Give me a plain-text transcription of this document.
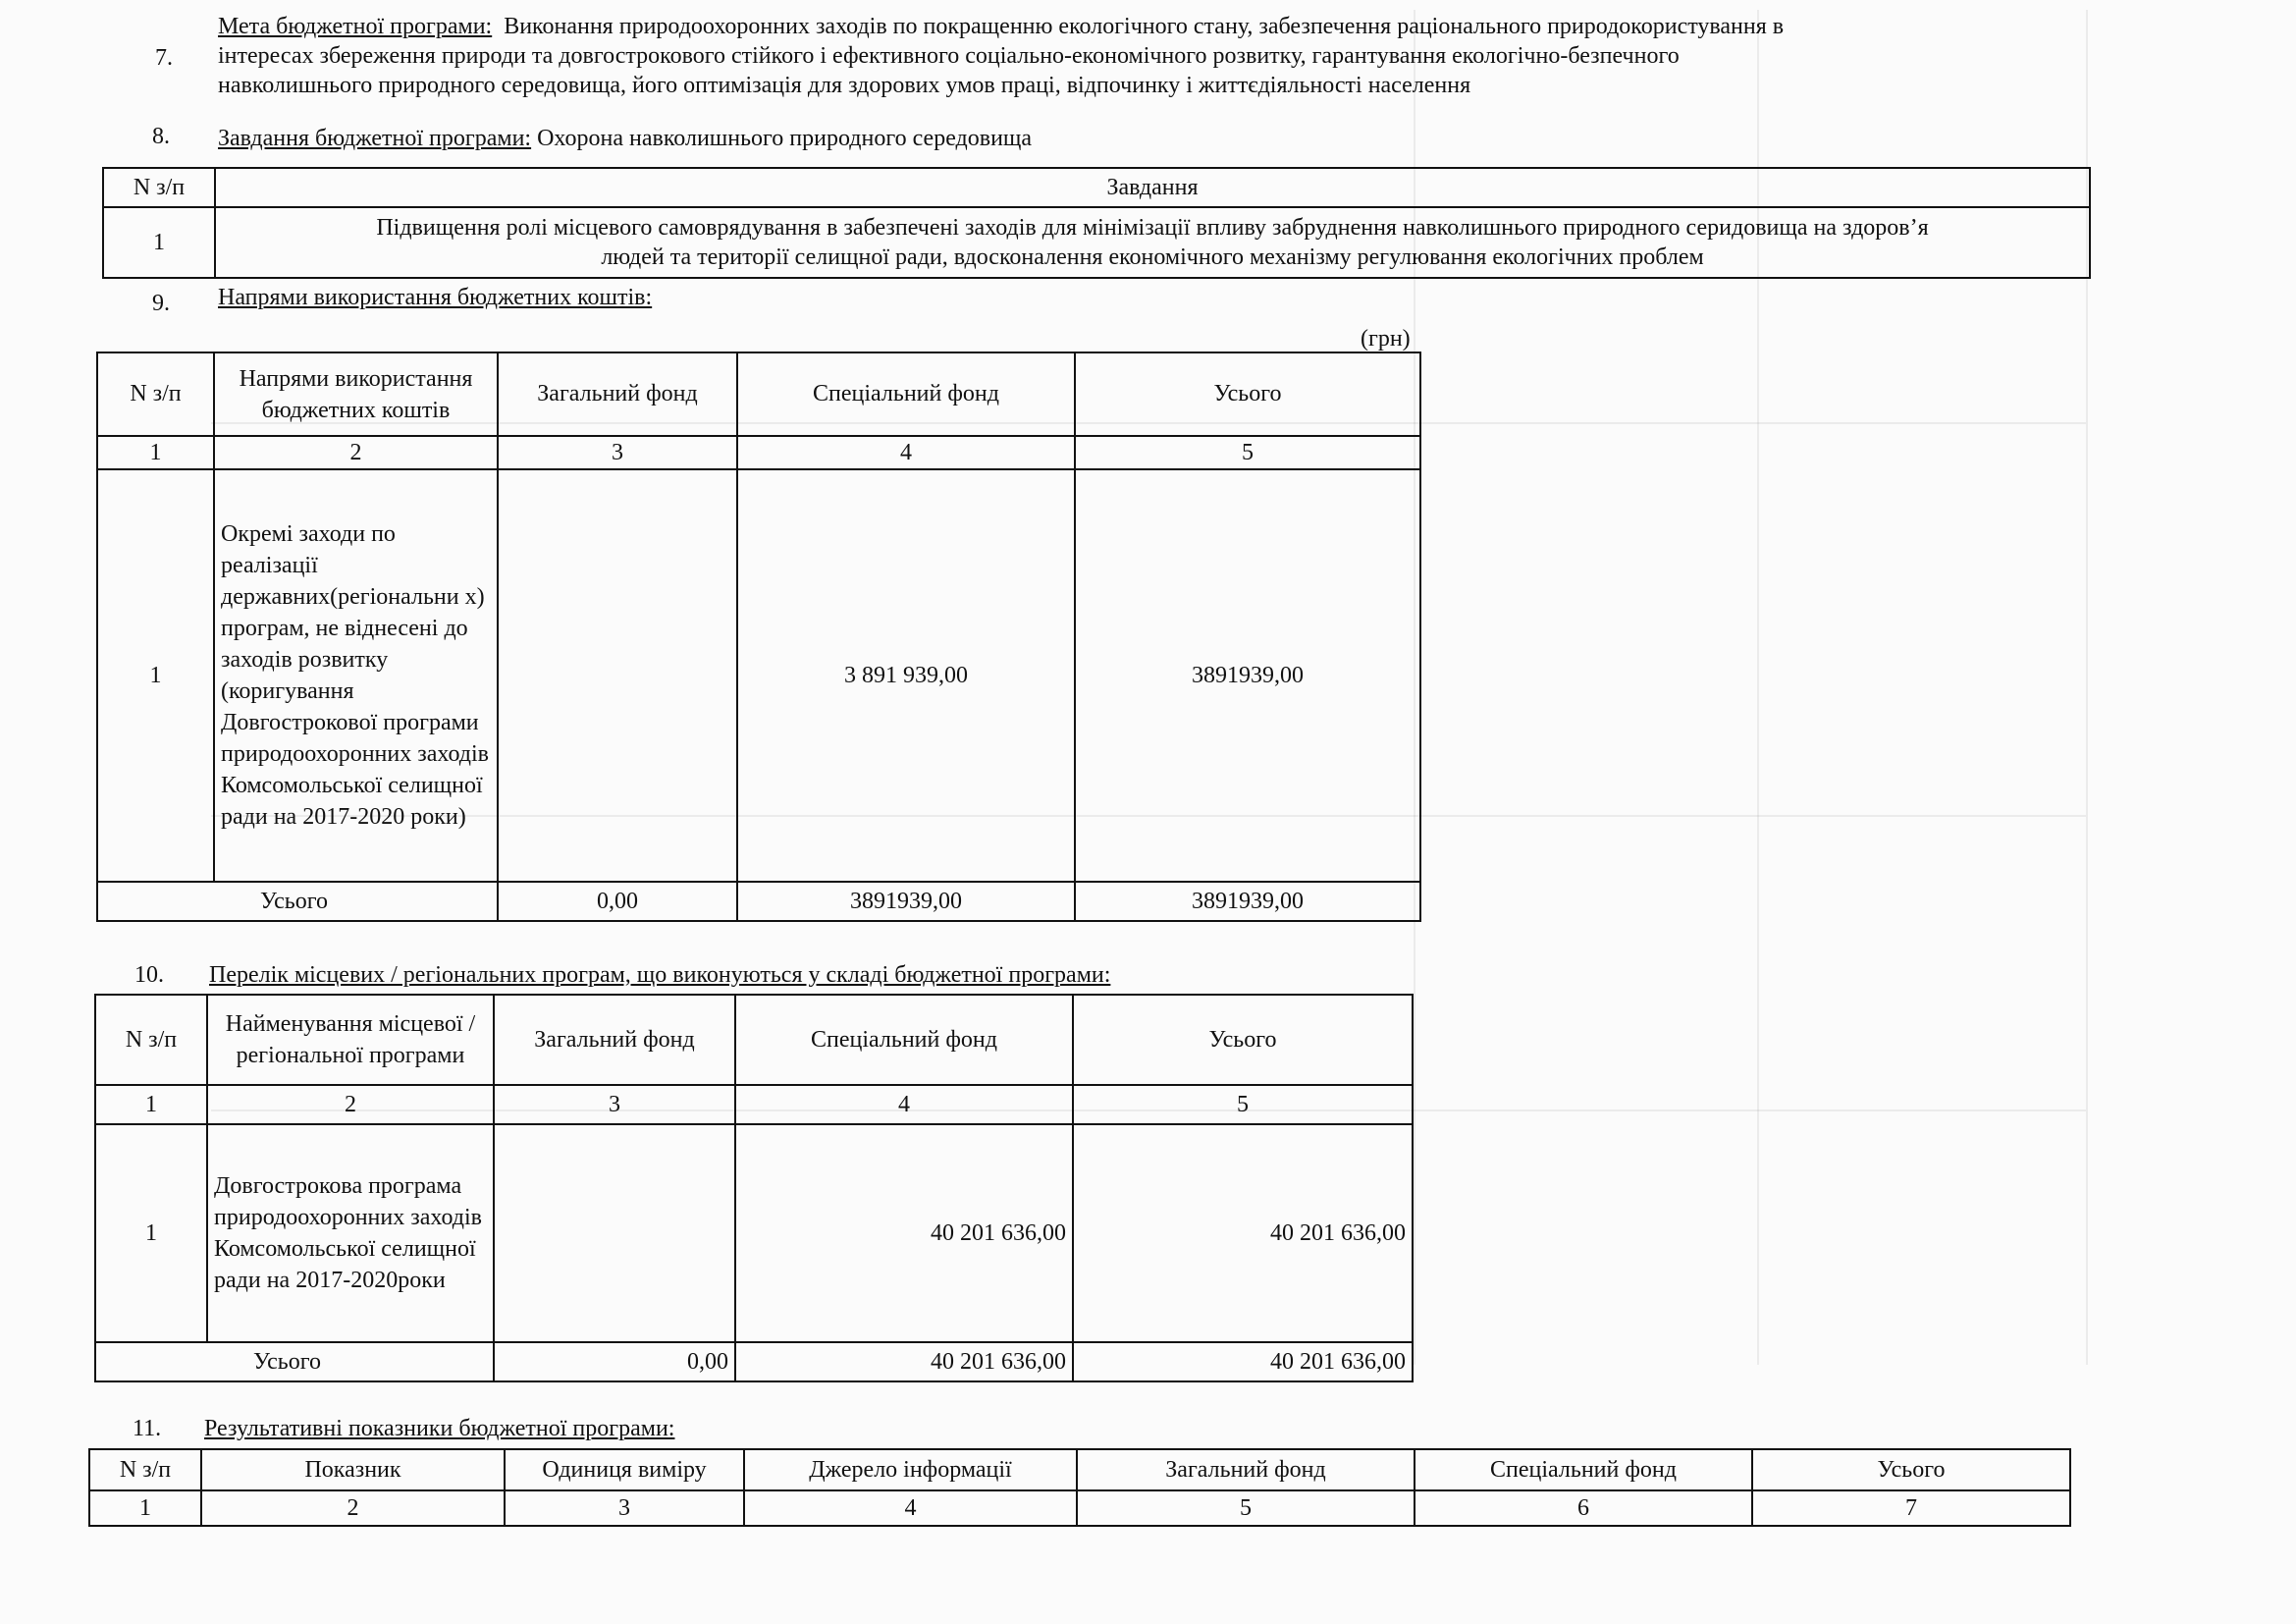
7.
Мета бюджетної програми: Виконання природоохоронних заходів по покращенню екологічного стану, забезпечення раціонального природокористування в
інтересах збереження природи та довгострокового стійкого і ефективного соціально-економічного розвитку, гарантування екологічно-безпечного
навколишнього природного середовища, його оптимізація для здорових умов праці, відпочинку і життєдіяльності населення
8. Завдання бюджетної програми: Охорона навколишнього природного середовища
N з/п	Завдання
1	Підвищення ролі місцевого самоврядування в забезпечені заходів для мінімізації впливу забруднення навколишнього природного серидовища на здоров’я
людей та території селищної ради, вдосконалення економічного механізму регулювання екологічних проблем
9. Напрями використання бюджетних коштів:
(грн)
N з/п	Напрями використання бюджетних коштів	Загальний фонд	Спеціальний фонд	Усього
1	2	3	4	5
1	Окремі заходи по реалізації державних(регіональни х) програм, не віднесені до заходів розвитку (коригування Довгострокової програми природоохоронних заходів Комсомольської селищної ради на 2017-2020 роки)		3 891 939,00	3891939,00
Усього		0,00	3891939,00	3891939,00
10. Перелік місцевих / регіональних програм, що виконуються у складі бюджетної програми:
N з/п	Найменування місцевої / регіональної програми	Загальний фонд	Спеціальний фонд	Усього
1	2	3	4	5
1	Довгострокова програма природоохоронних заходів Комсомольської селищної ради на 2017-2020роки		40 201 636,00	40 201 636,00
Усього		0,00	40 201 636,00	40 201 636,00
11. Результативні показники бюджетної програми:
N з/п	Показник	Одиниця виміру	Джерело інформації	Загальний фонд	Спеціальний фонд	Усього
1	2	3	4	5	6	7
